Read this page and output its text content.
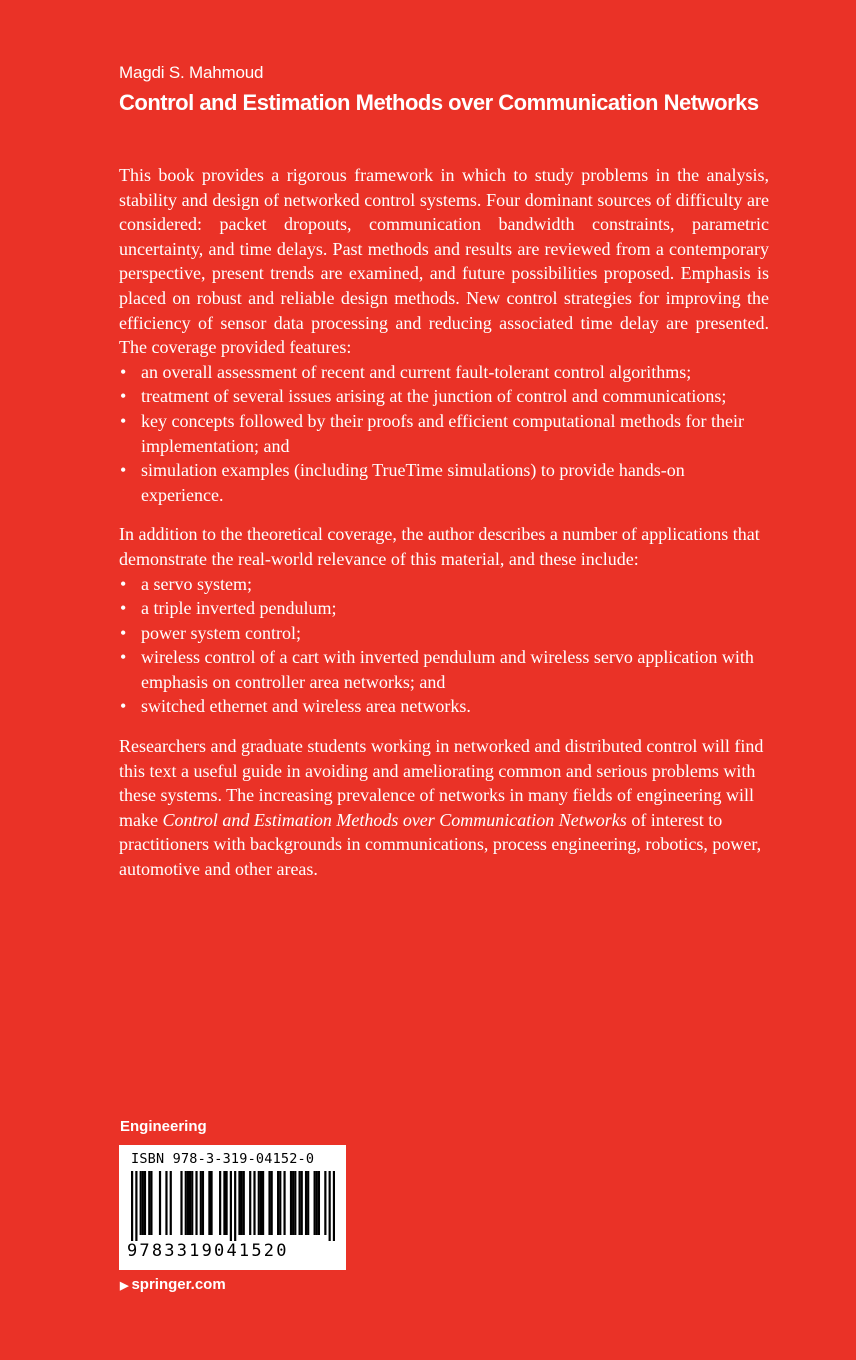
Magdi S. Mahmoud
Control and Estimation Methods over Communication Networks

This book provides a rigorous framework in which to study problems in the analysis, stability and design of networked control systems. Four dominant sources of difficulty are considered: packet dropouts, communication bandwidth constraints, parametric uncertainty, and time delays. Past methods and results are reviewed from a contemporary perspective, present trends are examined, and future possibilities proposed. Emphasis is placed on robust and reliable design methods. New control strategies for improving the efficiency of sensor data processing and reducing associated time delay are presented. The coverage provided features:

• an overall assessment of recent and current fault-tolerant control algorithms;
• treatment of several issues arising at the junction of control and communications;
• key concepts followed by their proofs and efficient computational methods for their implementation; and
• simulation examples (including TrueTime simulations) to provide hands-on experience.

In addition to the theoretical coverage, the author describes a number of applications that demonstrate the real-world relevance of this material, and these include:

• a servo system;
• a triple inverted pendulum;
• power system control;
• wireless control of a cart with inverted pendulum and wireless servo application with emphasis on controller area networks; and
• switched ethernet and wireless area networks.

Researchers and graduate students working in networked and distributed control will find this text a useful guide in avoiding and ameliorating common and serious problems with these systems. The increasing prevalence of networks in many fields of engineering will make Control and Estimation Methods over Communication Networks of interest to practitioners with backgrounds in communications, process engineering, robotics, power, automotive and other areas.

Engineering
ISBN 978-3-319-04152-0
9783319041520
▶ springer.com
